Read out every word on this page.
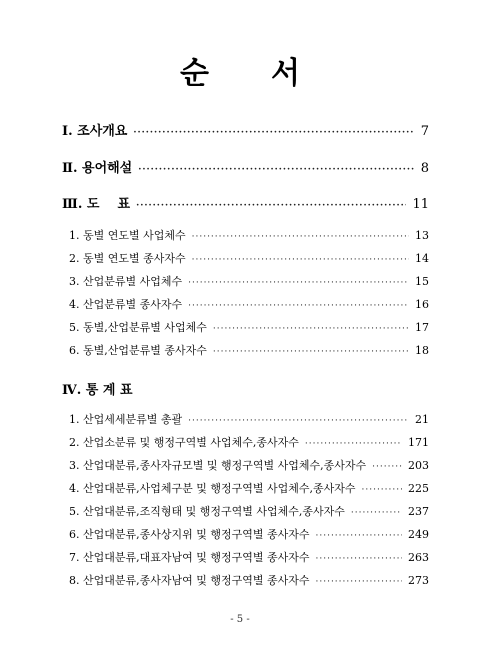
순 서
Ⅰ. 조사개요 ·····	7
Ⅱ. 용어해설 ·····	8
Ⅲ. 도    표 ·····	11
1. 동별 연도별 사업체수 ·····	13
2. 동별 연도별 종사자수 ·····	14
3. 산업분류별 사업체수 ·····	15
4. 산업분류별 종사자수 ·····	16
5. 동별,산업분류별 사업체수 ·····	17
6. 동별,산업분류별 종사자수 ·····	18
Ⅳ. 통 계 표
1. 산업세세분류별 총괄 ·····	21
2. 산업소분류 및 행정구역별 사업체수,종사자수 ·····	171
3. 산업대분류,종사자규모별 및 행정구역별 사업체수,종사자수 ·····	203
4. 산업대분류,사업체구분 및 행정구역별 사업체수,종사자수 ·····	225
5. 산업대분류,조직형태 및 행정구역별 사업체수,종사자수 ·····	237
6. 산업대분류,종사상지위 및 행정구역별 종사자수 ·····	249
7. 산업대분류,대표자남여 및 행정구역별 종사자수 ·····	263
8. 산업대분류,종사자남여 및 행정구역별 종사자수 ·····	273
- 5 -
